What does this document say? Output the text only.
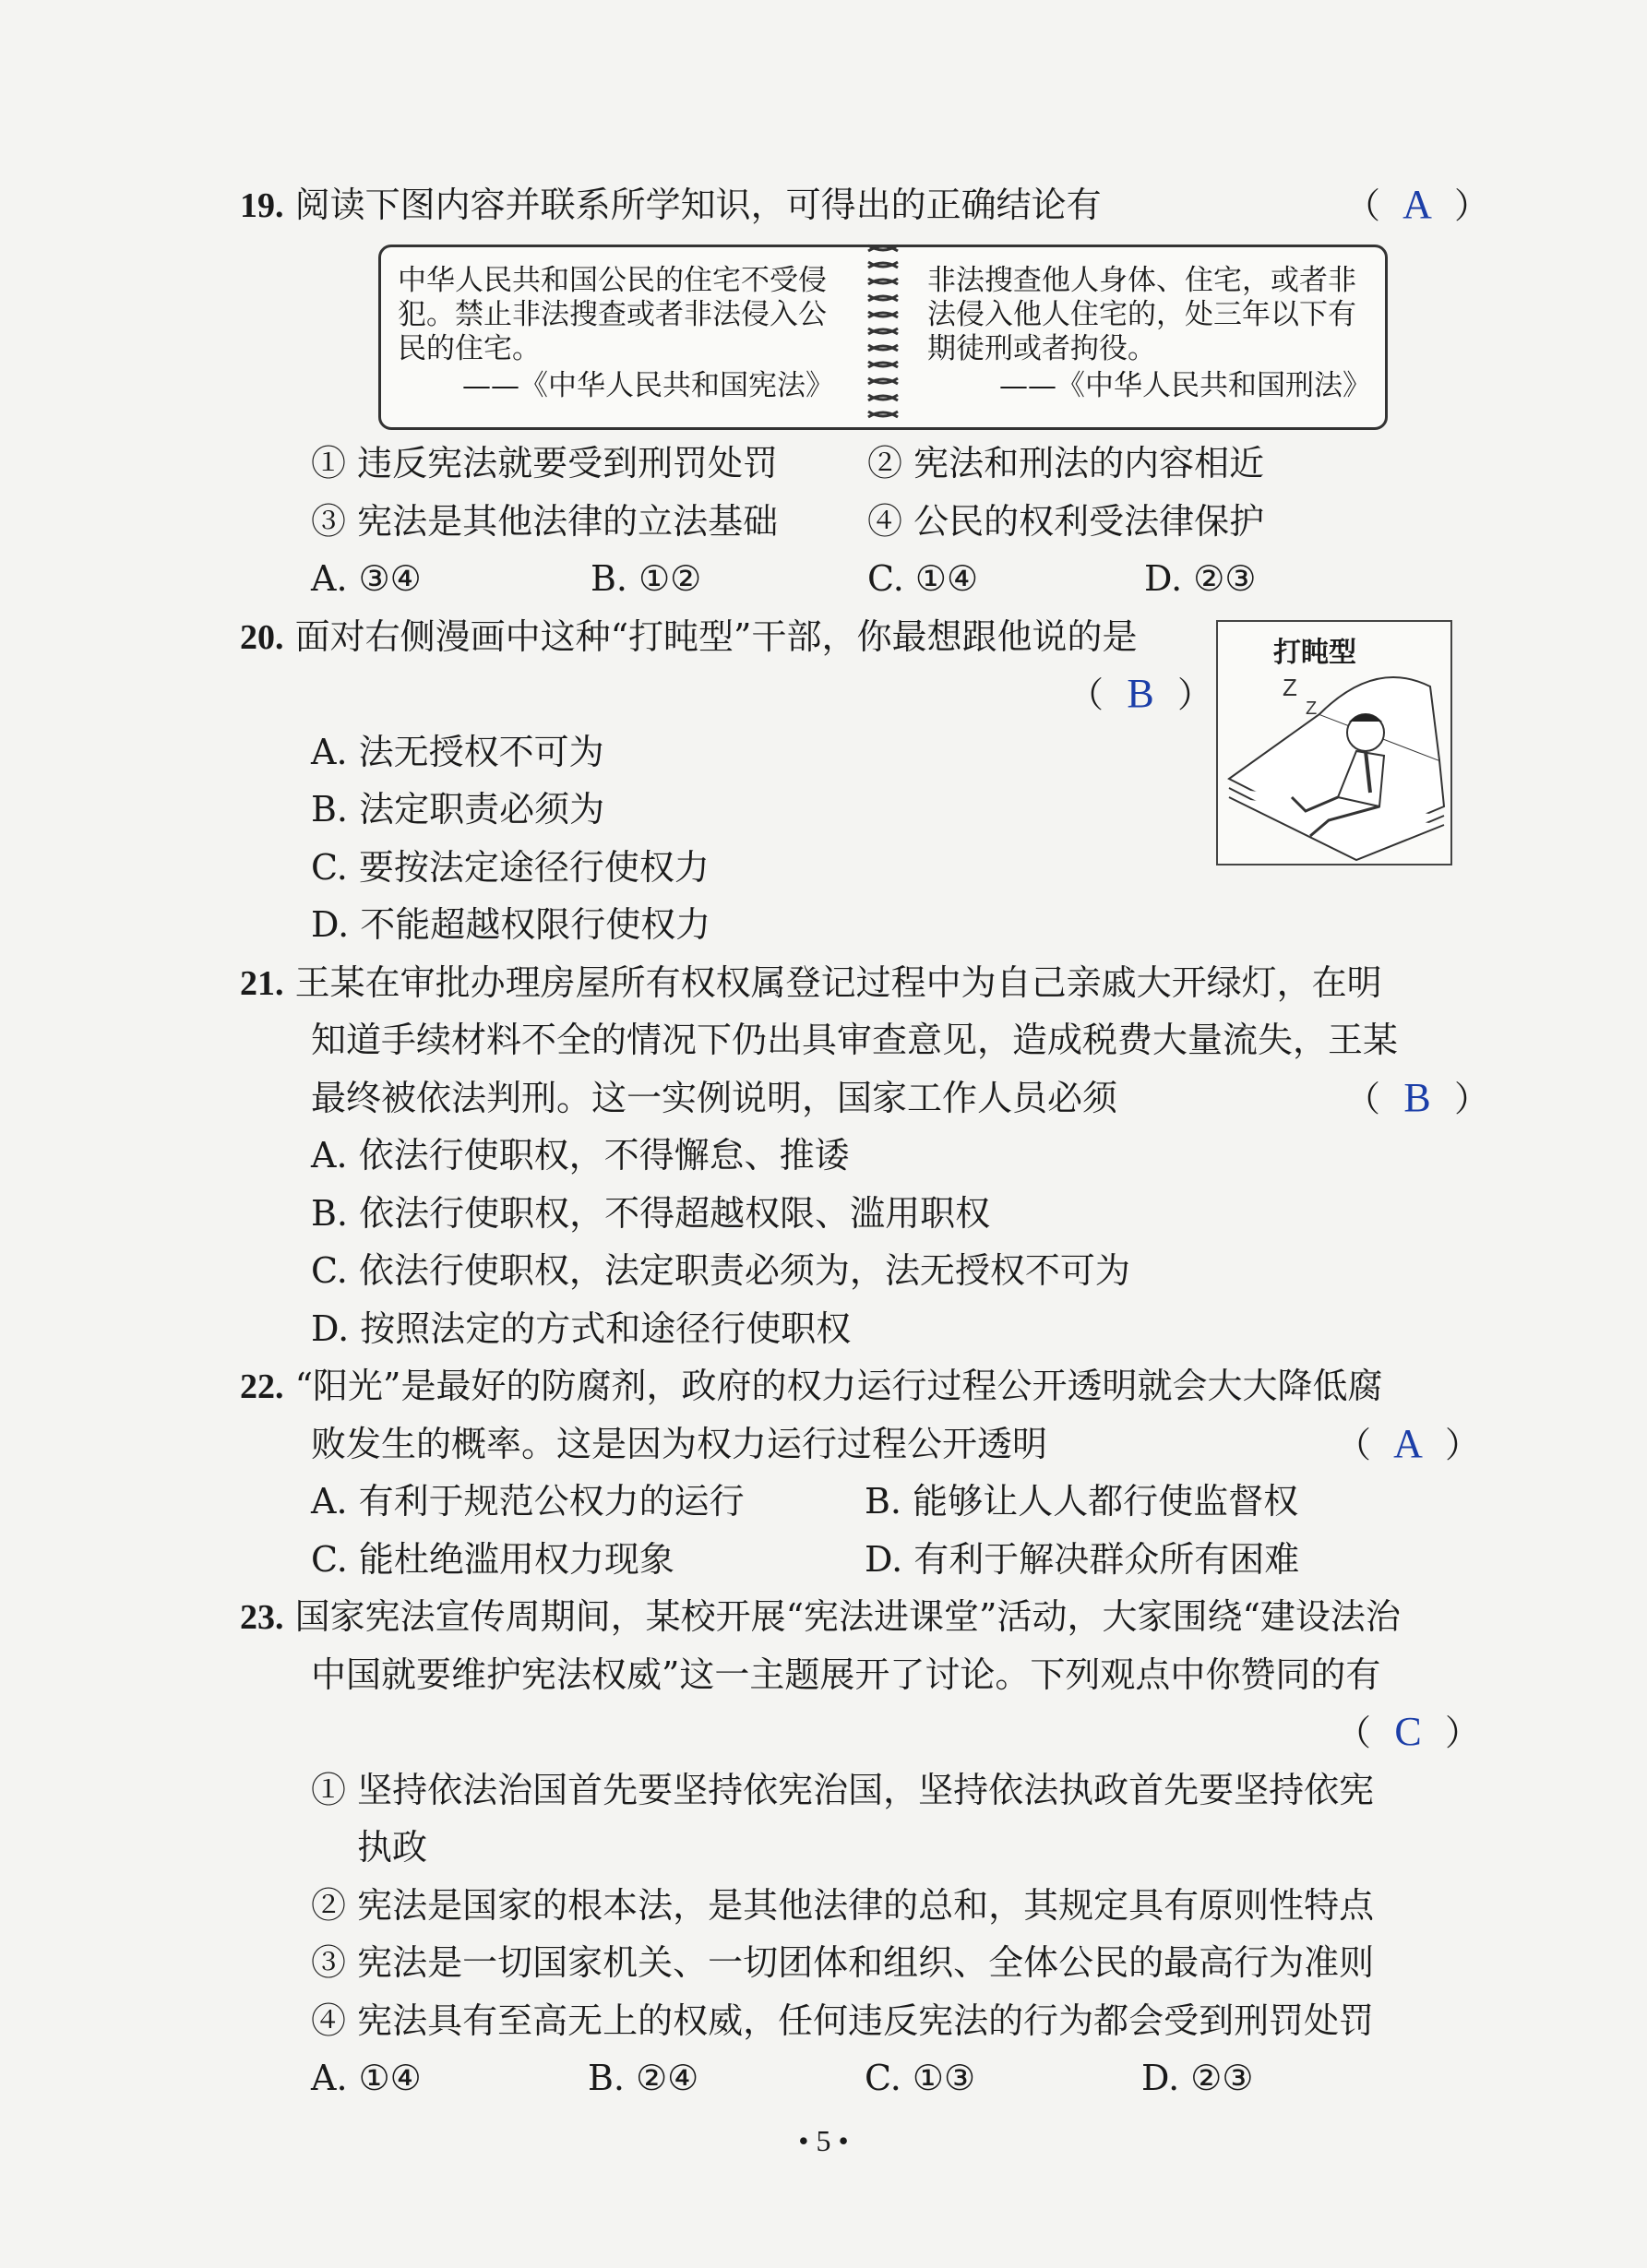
19. 阅读下图内容并联系所学知识，可得出的正确结论有	（ A ）
中华人民共和国公民的住宅不受侵犯。禁止非法搜查或者非法侵入公民的住宅。
——《中华人民共和国宪法》
非法搜查他人身体、住宅，或者非法侵入他人住宅的，处三年以下有期徒刑或者拘役。
——《中华人民共和国刑法》
① 违反宪法就要受到刑罚处罚	② 宪法和刑法的内容相近
③ 宪法是其他法律的立法基础	④ 公民的权利受法律保护
A. ③④	B. ①②	C. ①④	D. ②③
20. 面对右侧漫画中这种“打盹型”干部，你最想跟他说的是
（ B ）
打盹型
Z
Z
A. 法无授权不可为
B. 法定职责必须为
C. 要按法定途径行使权力
D. 不能超越权限行使权力
21. 王某在审批办理房屋所有权权属登记过程中为自己亲戚大开绿灯，在明
知道手续材料不全的情况下仍出具审查意见，造成税费大量流失，王某
最终被依法判刑。这一实例说明，国家工作人员必须	（ B ）
A. 依法行使职权，不得懈怠、推诿
B. 依法行使职权，不得超越权限、滥用职权
C. 依法行使职权，法定职责必须为，法无授权不可为
D. 按照法定的方式和途径行使职权
22. “阳光”是最好的防腐剂，政府的权力运行过程公开透明就会大大降低腐
败发生的概率。这是因为权力运行过程公开透明	（ A ）
A. 有利于规范公权力的运行	B. 能够让人人都行使监督权
C. 能杜绝滥用权力现象	D. 有利于解决群众所有困难
23. 国家宪法宣传周期间，某校开展“宪法进课堂”活动，大家围绕“建设法治
中国就要维护宪法权威”这一主题展开了讨论。下列观点中你赞同的有
（ C ）
① 坚持依法治国首先要坚持依宪治国，坚持依法执政首先要坚持依宪
执政
② 宪法是国家的根本法，是其他法律的总和，其规定具有原则性特点
③ 宪法是一切国家机关、一切团体和组织、全体公民的最高行为准则
④ 宪法具有至高无上的权威，任何违反宪法的行为都会受到刑罚处罚
A. ①④	B. ②④	C. ①③	D. ②③
• 5 •
